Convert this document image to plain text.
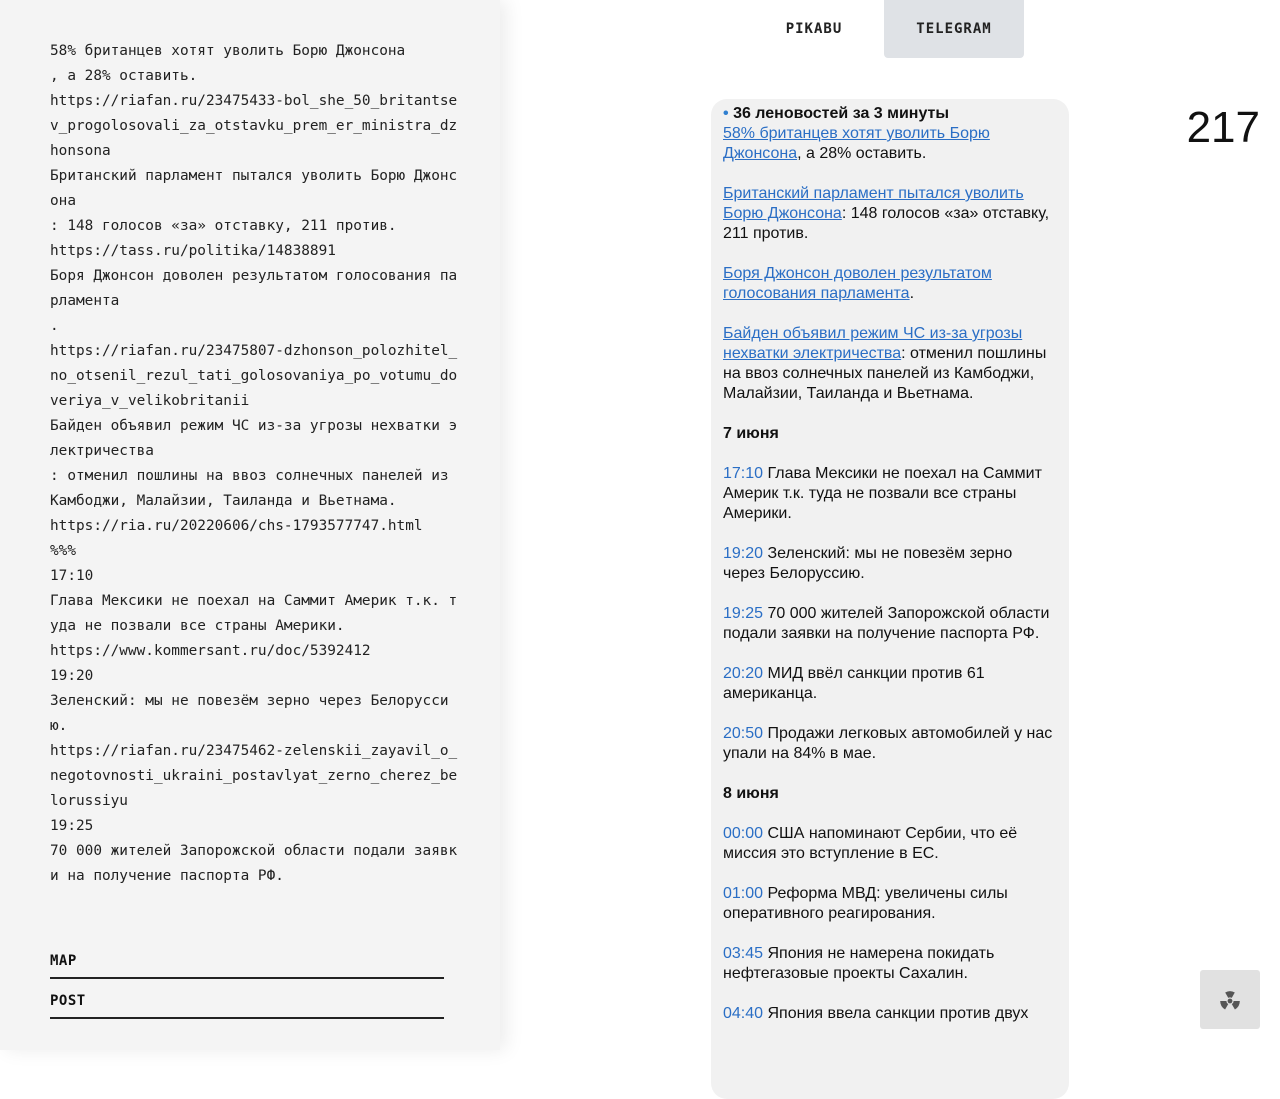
58% британцев хотят уволить Борю Джонсона
, а 28% оставить.
https://riafan.ru/23475433-bol_she_50_britantsev_progolosovali_za_otstavku_prem_er_ministra_dzhonsona
Британский парламент пытался уволить Борю Джонсона
: 148 голосов «за» отставку, 211 против.
https://tass.ru/politika/14838891
Боря Джонсон доволен результатом голосования парламента
.
https://riafan.ru/23475807-dzhonson_polozhitel_no_otsenil_rezul_tati_golosovaniya_po_votumu_doveriya_v_velikobritanii
Байден объявил режим ЧС из-за угрозы нехватки электричества
: отменил пошлины на ввоз солнечных панелей из Камбоджи, Малайзии, Таиланда и Вьетнама.
https://ria.ru/20220606/chs-1793577747.html
%%%
17:10
Глава Мексики не поехал на Саммит Америк т.к. туда не позвали все страны Америки.
https://www.kommersant.ru/doc/5392412
19:20
Зеленский: мы не повезём зерно через Белоруссию.
https://riafan.ru/23475462-zelenskii_zayavil_o_negotovnosti_ukraini_postavlyat_zerno_cherez_belorussiyu
19:25
70 000 жителей Запорожской области подали заявки на получение паспорта РФ.
MAP
POST
PIKABU	TELEGRAM
• 36 леновостей за 3 минуты

58% британцев хотят уволить Борю Джонсона, а 28% оставить.

Британский парламент пытался уволить Борю Джонсона: 148 голосов «за» отставку, 211 против.

Боря Джонсон доволен результатом голосования парламента.

Байден объявил режим ЧС из-за угрозы нехватки электричества: отменил пошлины на ввоз солнечных панелей из Камбоджи, Малайзии, Таиланда и Вьетнама.

7 июня

17:10 Глава Мексики не поехал на Саммит Америк т.к. туда не позвали все страны Америки.

19:20 Зеленский: мы не повезём зерно через Белоруссию.

19:25 70 000 жителей Запорожской области подали заявки на получение паспорта РФ.

20:20 МИД ввёл санкции против 61 американца.

20:50 Продажи легковых автомобилей у нас упали на 84% в мае.

8 июня

00:00 США напоминают Сербии, что её миссия это вступление в ЕС.

01:00 Реформа МВД: увеличены силы оперативного реагирования.

03:45 Япония не намерена покидать нефтегазовые проекты Сахалин.

04:40 Япония ввела санкции против двух

217
